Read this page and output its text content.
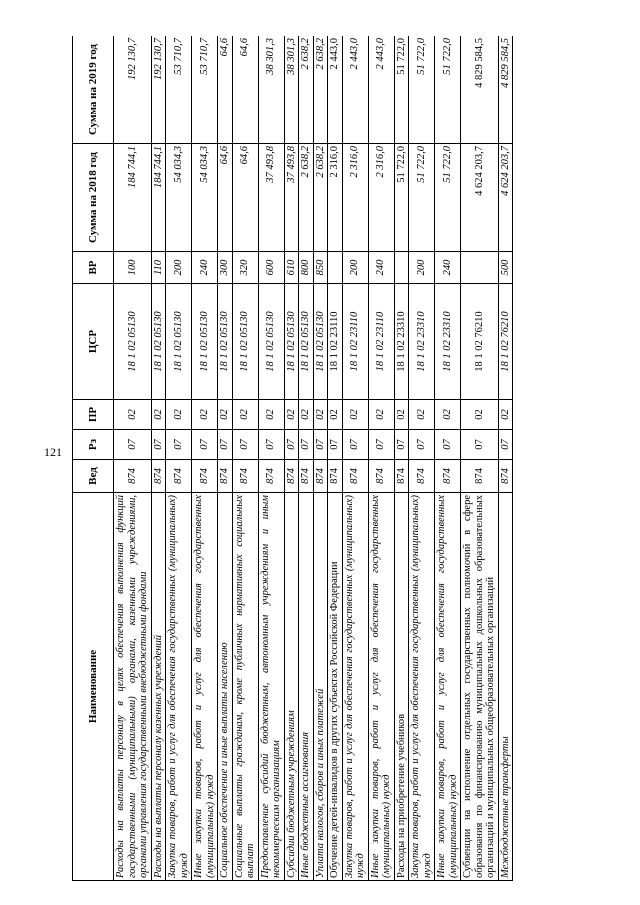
121
Наименование	Вед	Рз	ПР	ЦСР	ВР	Сумма на 2018 год	Сумма на 2019 год
Расходы на выплаты персоналу в целях обеспечения выполнения функций государственными (муниципальными) органами, казенными учреждениями, органами управления государственными внебюджетными фондами	874	07	02	18 1 02 05130	100	184 744,1	192 130,7
Расходы на выплаты персоналу казенных учреждений	874	07	02	18 1 02 05130	110	184 744,1	192 130,7
Закупка товаров, работ и услуг для обеспечения государственных (муниципальных) нужд	874	07	02	18 1 02 05130	200	54 034,3	53 710,7
Иные закупки товаров, работ и услуг для обеспечения государственных (муниципальных) нужд	874	07	02	18 1 02 05130	240	54 034,3	53 710,7
Социальное обеспечение и иные выплаты населению	874	07	02	18 1 02 05130	300	64,6	64,6
Социальные выплаты гражданам, кроме публичных нормативных социальных выплат	874	07	02	18 1 02 05130	320	64,6	64,6
Предоставление субсидий бюджетным, автономным учреждениям и иным некоммерческим организациям	874	07	02	18 1 02 05130	600	37 493,8	38 301,3
Субсидии бюджетным учреждениям	874	07	02	18 1 02 05130	610	37 493,8	38 301,3
Иные бюджетные ассигнования	874	07	02	18 1 02 05130	800	2 638,2	2 638,2
Уплата налогов, сборов и иных платежей	874	07	02	18 1 02 05130	850	2 638,2	2 638,2
Обучение детей-инвалидов в других субъектах Российской Федерации	874	07	02	18 1 02 23110		2 316,0	2 443,0
Закупка товаров, работ и услуг для обеспечения государственных (муниципальных) нужд	874	07	02	18 1 02 23110	200	2 316,0	2 443,0
Иные закупки товаров, работ и услуг для обеспечения государственных (муниципальных) нужд	874	07	02	18 1 02 23110	240	2 316,0	2 443,0
Расходы на приобретение учебников	874	07	02	18 1 02 23310		51 722,0	51 722,0
Закупка товаров, работ и услуг для обеспечения государственных (муниципальных) нужд	874	07	02	18 1 02 23310	200	51 722,0	51 722,0
Иные закупки товаров, работ и услуг для обеспечения государственных (муниципальных) нужд	874	07	02	18 1 02 23310	240	51 722,0	51 722,0
Субвенции на исполнение отдельных государственных полномочий в сфере образования по финансированию муниципальных дошкольных образовательных организаций и муниципальных общеобразовательных организаций	874	07	02	18 1 02 76210		4 624 203,7	4 829 584,5
Межбюджетные трансферты	874	07	02	18 1 02 76210	500	4 624 203,7	4 829 584,5
